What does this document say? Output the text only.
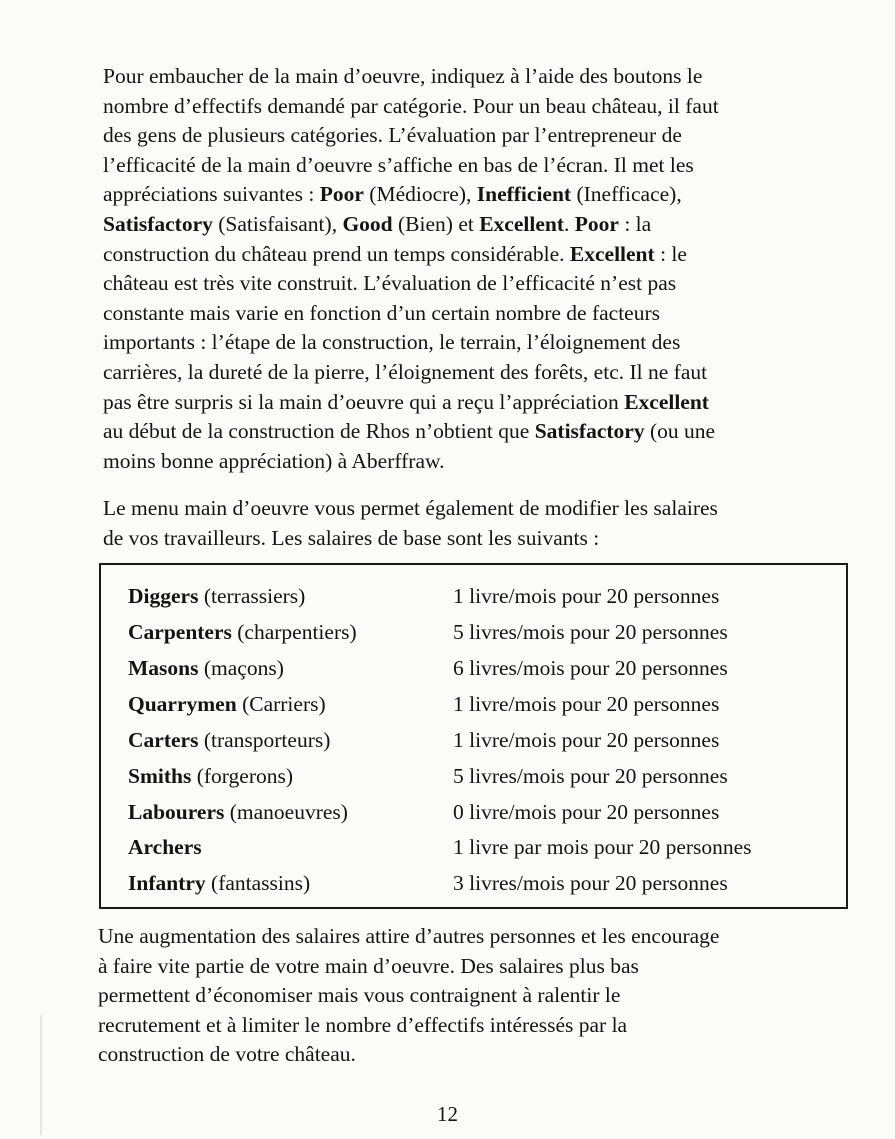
Pour embaucher de la main d’oeuvre, indiquez à l’aide des boutons le
nombre d’effectifs demandé par catégorie. Pour un beau château, il faut
des gens de plusieurs catégories. L’évaluation par l’entrepreneur de
l’efficacité de la main d’oeuvre s’affiche en bas de l’écran. Il met les
appréciations suivantes : Poor (Médiocre), Inefficient (Inefficace),
Satisfactory (Satisfaisant), Good (Bien) et Excellent. Poor : la
construction du château prend un temps considérable. Excellent : le
château est très vite construit. L’évaluation de l’efficacité n’est pas
constante mais varie en fonction d’un certain nombre de facteurs
importants : l’étape de la construction, le terrain, l’éloignement des
carrières, la dureté de la pierre, l’éloignement des forêts, etc. Il ne faut
pas être surpris si la main d’oeuvre qui a reçu l’appréciation Excellent
au début de la construction de Rhos n’obtient que Satisfactory (ou une
moins bonne appréciation) à Aberffraw.

Le menu main d’oeuvre vous permet également de modifier les salaires
de vos travailleurs. Les salaires de base sont les suivants :

Diggers (terrassiers)	1 livre/mois pour 20 personnes
Carpenters (charpentiers)	5 livres/mois pour 20 personnes
Masons (maçons)	6 livres/mois pour 20 personnes
Quarrymen (Carriers)	1 livre/mois pour 20 personnes
Carters (transporteurs)	1 livre/mois pour 20 personnes
Smiths (forgerons)	5 livres/mois pour 20 personnes
Labourers (manoeuvres)	0 livre/mois pour 20 personnes
Archers	1 livre par mois pour 20 personnes
Infantry (fantassins)	3 livres/mois pour 20 personnes

Une augmentation des salaires attire d’autres personnes et les encourage
à faire vite partie de votre main d’oeuvre. Des salaires plus bas
permettent d’économiser mais vous contraignent à ralentir le
recrutement et à limiter le nombre d’effectifs intéressés par la
construction de votre château.

12
